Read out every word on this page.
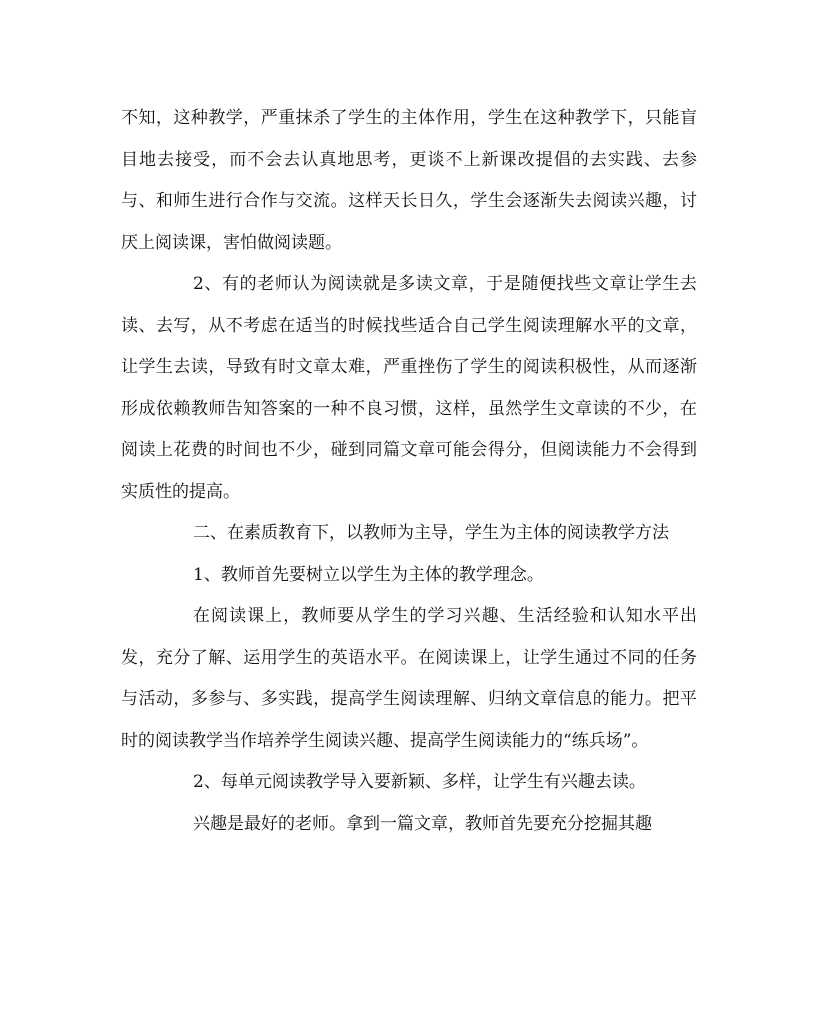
不知，这种教学，严重抹杀了学生的主体作用，学生在这种教学下，只能盲目地去接受，而不会去认真地思考，更谈不上新课改提倡的去实践、去参与、和师生进行合作与交流。这样天长日久，学生会逐渐失去阅读兴趣，讨厌上阅读课，害怕做阅读题。

2、有的老师认为阅读就是多读文章，于是随便找些文章让学生去读、去写，从不考虑在适当的时候找些适合自己学生阅读理解水平的文章，让学生去读，导致有时文章太难，严重挫伤了学生的阅读积极性，从而逐渐形成依赖教师告知答案的一种不良习惯，这样，虽然学生文章读的不少，在阅读上花费的时间也不少，碰到同篇文章可能会得分，但阅读能力不会得到实质性的提高。

二、在素质教育下，以教师为主导，学生为主体的阅读教学方法

1、教师首先要树立以学生为主体的教学理念。

在阅读课上，教师要从学生的学习兴趣、生活经验和认知水平出发，充分了解、运用学生的英语水平。在阅读课上，让学生通过不同的任务与活动，多参与、多实践，提高学生阅读理解、归纳文章信息的能力。把平时的阅读教学当作培养学生阅读兴趣、提高学生阅读能力的“练兵场”。

2、每单元阅读教学导入要新颖、多样，让学生有兴趣去读。

兴趣是最好的老师。拿到一篇文章，教师首先要充分挖掘其趣
